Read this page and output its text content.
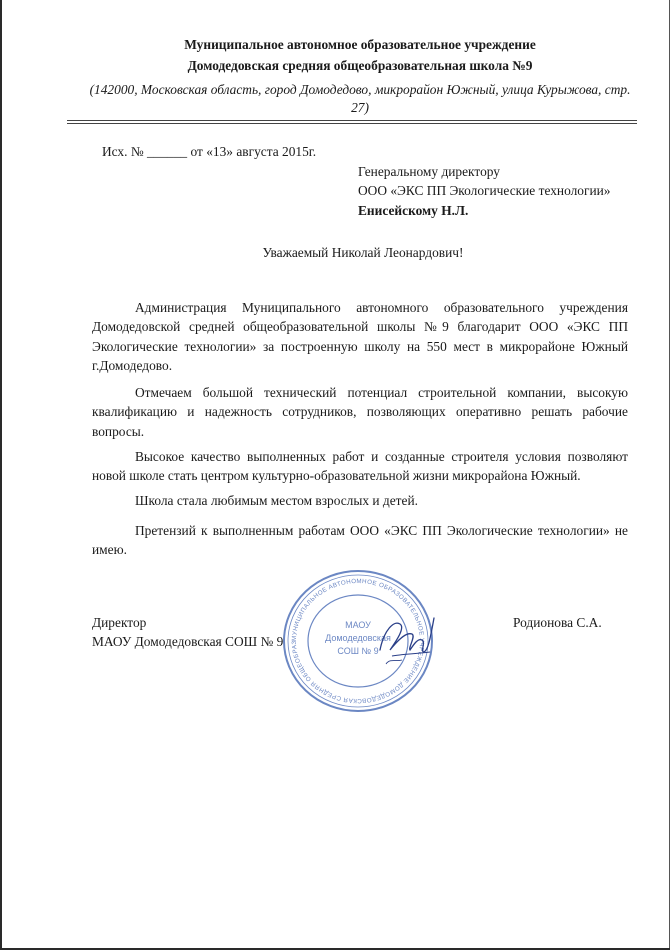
Муниципальное автономное образовательное учреждение
Домодедовская средняя общеобразовательная школа №9
(142000, Московская область, город Домодедово, микрорайон Южный, улица Курыжова, стр. 27)
Исх. № ______ от «13» августа 2015г.
Генеральному директору
ООО «ЭКС ПП Экологические технологии»
Енисейскому Н.Л.
Уважаемый Николай Леонардович!
Администрация Муниципального автономного образовательного учреждения Домодедовской средней общеобразовательной школы №9 благодарит ООО «ЭКС ПП Экологические технологии» за построенную школу на 550 мест в микрорайоне Южный г.Домодедово.
Отмечаем большой технический потенциал строительной компании, высокую квалификацию и надежность сотрудников, позволяющих оперативно решать рабочие вопросы.
Высокое качество выполненных работ и созданные строителя условия позволяют новой школе стать центром культурно-образовательной жизни микрорайона Южный.
Школа стала любимым местом взрослых и детей.
Претензий к выполненным работам ООО «ЭКС ПП Экологические технологии» не имею.
МУНИЦИПАЛЬНОЕ АВТОНОМНОЕ ОБРАЗОВАТЕЛЬНОЕ УЧРЕЖДЕНИЕ ДОМОДЕДОВСКАЯ СРЕДНЯЯ ОБЩЕОБРАЗ
МАОУ
Домодедовская
СОШ № 9
Директор
МАОУ Домодедовская СОШ № 9
Родионова С.А.
